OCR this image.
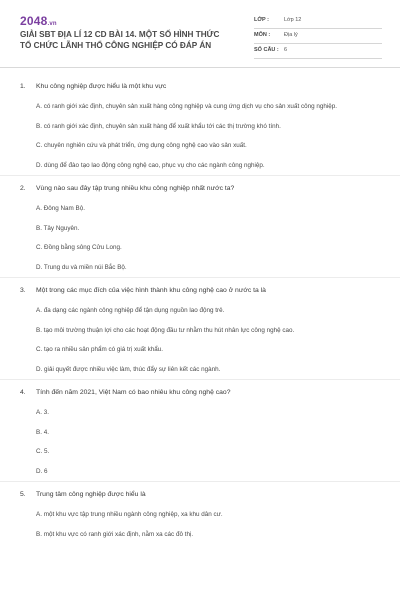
2048.vn
GIẢI SBT ĐỊA LÍ 12 CD BÀI 14. MỘT SỐ HÌNH THỨC TỔ CHỨC LÃNH THỔ CÔNG NGHIỆP CÓ ĐÁP ÁN
LỚP :	Lớp 12
MÔN :	Địa lý
SỐ CÂU : 6
1.	Khu công nghiệp được hiểu là một khu vực
A. có ranh giới xác định, chuyên sản xuất hàng công nghiệp và cung ứng dịch vụ cho sản xuất công nghiệp.
B. có ranh giới xác định, chuyên sản xuất hàng để xuất khẩu tới các thị trường khó tính.
C. chuyên nghiên cứu và phát triển, ứng dụng công nghệ cao vào sản xuất.
D. dùng để đào tạo lao động công nghệ cao, phục vụ cho các ngành công nghiệp.
2.	Vùng nào sau đây tập trung nhiều khu công nghiệp nhất nước ta?
A. Đông Nam Bộ.
B. Tây Nguyên.
C. Đồng bằng sông Cửu Long.
D. Trung du và miền núi Bắc Bộ.
3.	Một trong các mục đích của việc hình thành khu công nghệ cao ở nước ta là
A. đa dạng các ngành công nghiệp để tận dụng nguồn lao động trẻ.
B. tạo môi trường thuận lợi cho các hoạt động đầu tư nhằm thu hút nhân lực công nghệ cao.
C. tạo ra nhiều sản phẩm có giá trị xuất khẩu.
D. giải quyết được nhiều việc làm, thúc đẩy sự liên kết các ngành.
4.	Tính đến năm 2021, Việt Nam có bao nhiêu khu công nghệ cao?
A. 3.
B. 4.
C. 5.
D. 6
5.	Trung tâm công nghiệp được hiểu là
A. một khu vực tập trung nhiều ngành công nghiệp, xa khu dân cư.
B. một khu vực có ranh giới xác định, nằm xa các đô thị.
